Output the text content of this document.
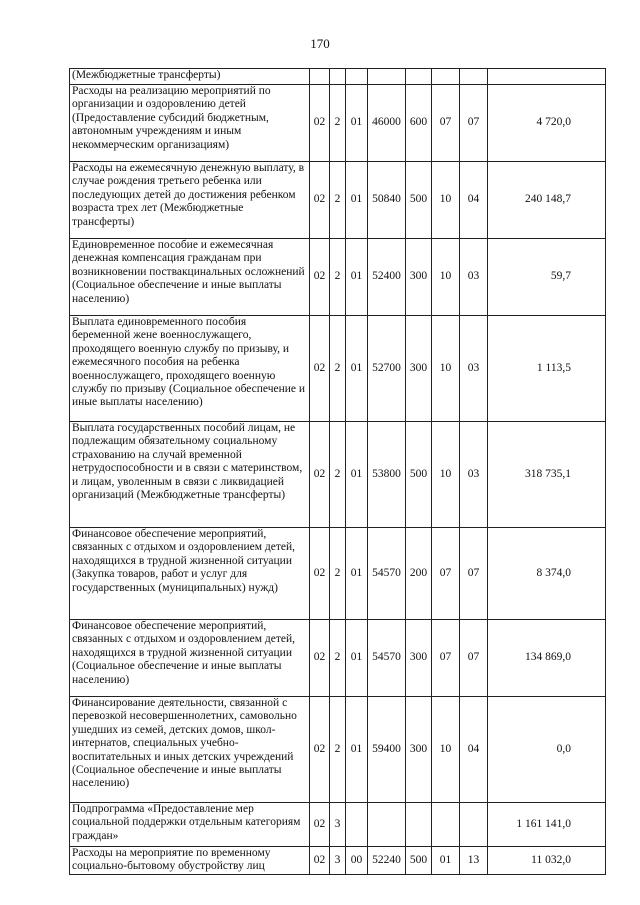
170
(Межбюджетные трансферты)								
Расходы на реализацию мероприятий по организации и оздоровлению детей (Предоставление субсидий бюджетным, автономным учреждениям и иным некоммерческим организациям)	02	2	01	46000	600	07	07	4 720,0
Расходы на ежемесячную денежную выплату, в случае рождения третьего ребенка или последующих детей до достижения ребенком возраста трех лет (Межбюджетные трансферты)	02	2	01	50840	500	10	04	240 148,7
Единовременное пособие и ежемесячная денежная компенсация гражданам при возникновении поствакцинальных осложнений (Социальное обеспечение и иные выплаты населению)	02	2	01	52400	300	10	03	59,7
Выплата единовременного пособия беременной жене военнослужащего, проходящего военную службу по призыву, и ежемесячного пособия на ребенка военнослужащего, проходящего военную службу по призыву (Социальное обеспечение и иные выплаты населению)	02	2	01	52700	300	10	03	1 113,5
Выплата государственных пособий лицам, не подлежащим обязательному социальному страхованию на случай временной нетрудоспособности и в связи с материнством, и лицам, уволенным в связи с ликвидацией организаций (Межбюджетные трансферты)	02	2	01	53800	500	10	03	318 735,1
Финансовое обеспечение мероприятий, связанных с отдыхом и оздоровлением детей, находящихся в трудной жизненной ситуации (Закупка товаров, работ и услуг для государственных (муниципальных) нужд)	02	2	01	54570	200	07	07	8 374,0
Финансовое обеспечение мероприятий, связанных с отдыхом и оздоровлением детей, находящихся в трудной жизненной ситуации (Социальное обеспечение и иные выплаты населению)	02	2	01	54570	300	07	07	134 869,0
Финансирование деятельности, связанной с перевозкой несовершеннолетних, самовольно ушедших из семей, детских домов, школ-интернатов, специальных учебно-воспитательных и иных детских учреждений (Социальное обеспечение и иные выплаты населению)	02	2	01	59400	300	10	04	0,0
Подпрограмма «Предоставление мер социальной поддержки отдельным категориям граждан»	02	3						1 161 141,0
Расходы на мероприятие по временному социально-бытовому обустройству лиц	02	3	00	52240	500	01	13	11 032,0
